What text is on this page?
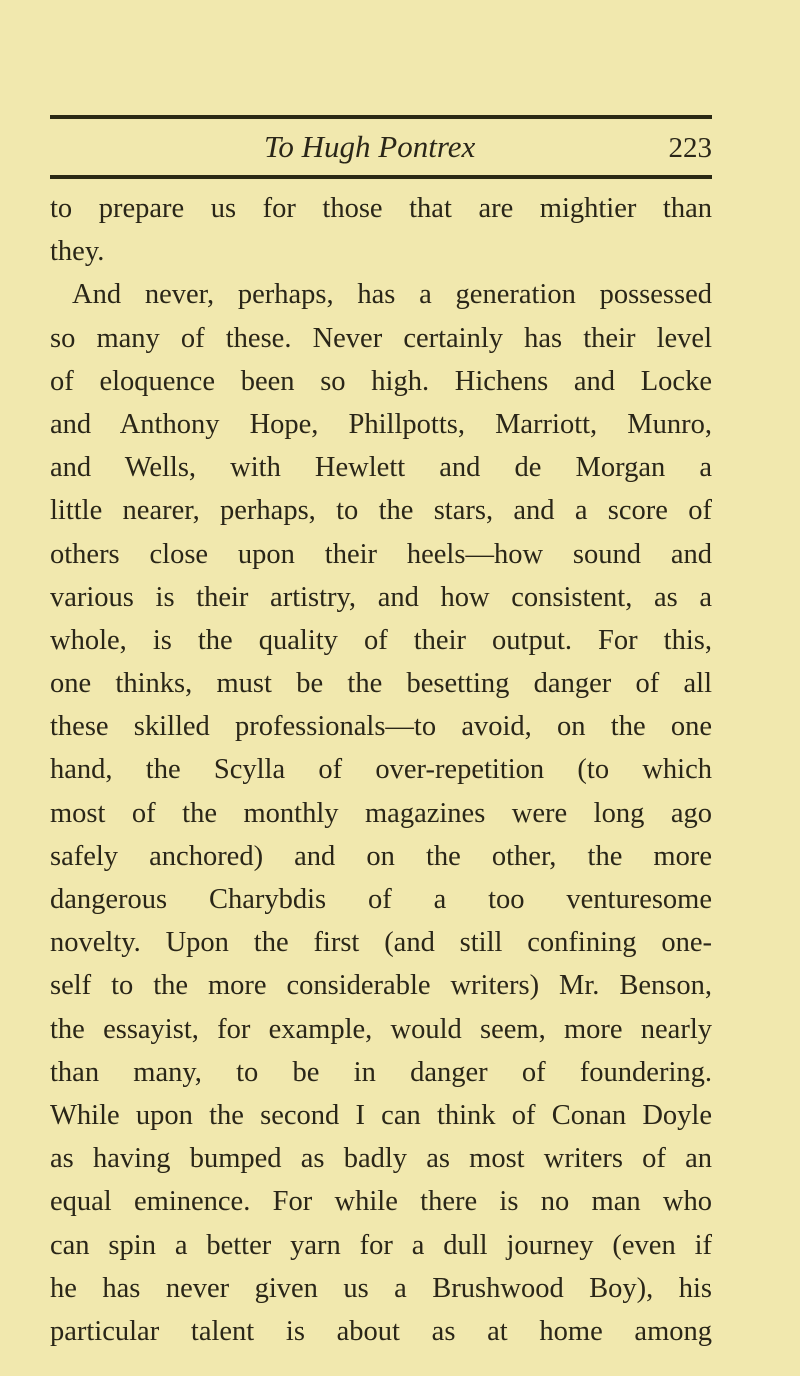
To Hugh Pontrex	223
to prepare us for those that are mightier than
they.
And never, perhaps, has a generation possessed
so many of these. Never certainly has their level
of eloquence been so high. Hichens and Locke
and Anthony Hope, Phillpotts, Marriott, Munro,
and Wells, with Hewlett and de Morgan a
little nearer, perhaps, to the stars, and a score of
others close upon their heels—how sound and
various is their artistry, and how consistent, as a
whole, is the quality of their output. For this,
one thinks, must be the besetting danger of all
these skilled professionals—to avoid, on the one
hand, the Scylla of over-repetition (to which
most of the monthly magazines were long ago
safely anchored) and on the other, the more
dangerous Charybdis of a too venturesome
novelty. Upon the first (and still confining one-
self to the more considerable writers) Mr. Benson,
the essayist, for example, would seem, more nearly
than many, to be in danger of foundering.
While upon the second I can think of Conan Doyle
as having bumped as badly as most writers of an
equal eminence. For while there is no man who
can spin a better yarn for a dull journey (even if
he has never given us a Brushwood Boy), his
particular talent is about as at home among
